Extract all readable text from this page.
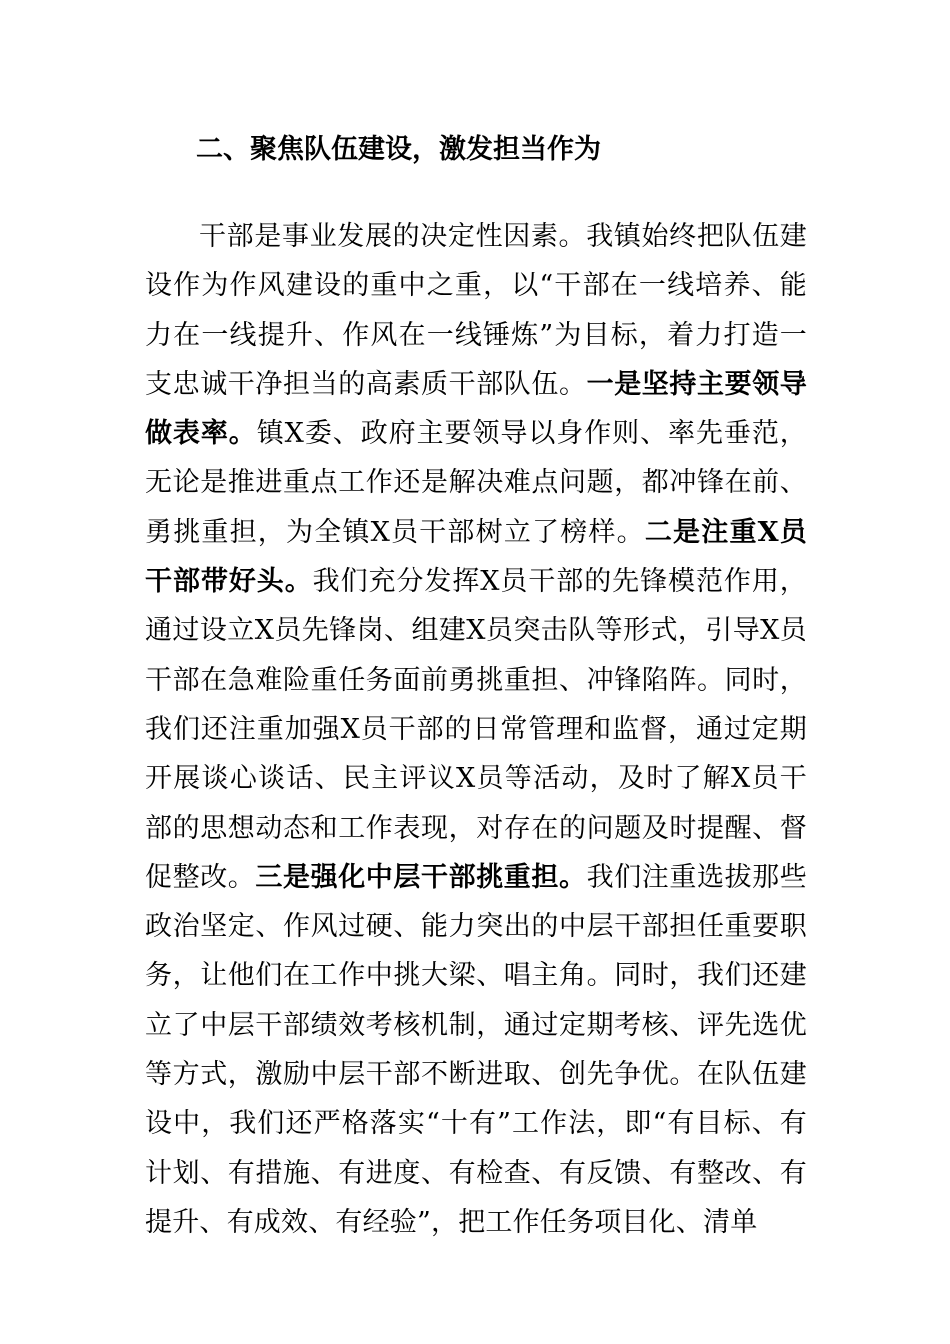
二、聚焦队伍建设，激发担当作为

干部是事业发展的决定性因素。我镇始终把队伍建设作为作风建设的重中之重，以“干部在一线培养、能力在一线提升、作风在一线锤炼”为目标，着力打造一支忠诚干净担当的高素质干部队伍。一是坚持主要领导做表率。镇X委、政府主要领导以身作则、率先垂范，无论是推进重点工作还是解决难点问题，都冲锋在前、勇挑重担，为全镇X员干部树立了榜样。二是注重X员干部带好头。我们充分发挥X员干部的先锋模范作用，通过设立X员先锋岗、组建X员突击队等形式，引导X员干部在急难险重任务面前勇挑重担、冲锋陷阵。同时，我们还注重加强X员干部的日常管理和监督，通过定期开展谈心谈话、民主评议X员等活动，及时了解X员干部的思想动态和工作表现，对存在的问题及时提醒、督促整改。三是强化中层干部挑重担。我们注重选拔那些政治坚定、作风过硬、能力突出的中层干部担任重要职务，让他们在工作中挑大梁、唱主角。同时，我们还建立了中层干部绩效考核机制，通过定期考核、评先选优等方式，激励中层干部不断进取、创先争优。在队伍建设中，我们还严格落实“十有”工作法，即“有目标、有计划、有措施、有进度、有检查、有反馈、有整改、有提升、有成效、有经验”，把工作任务项目化、清单
